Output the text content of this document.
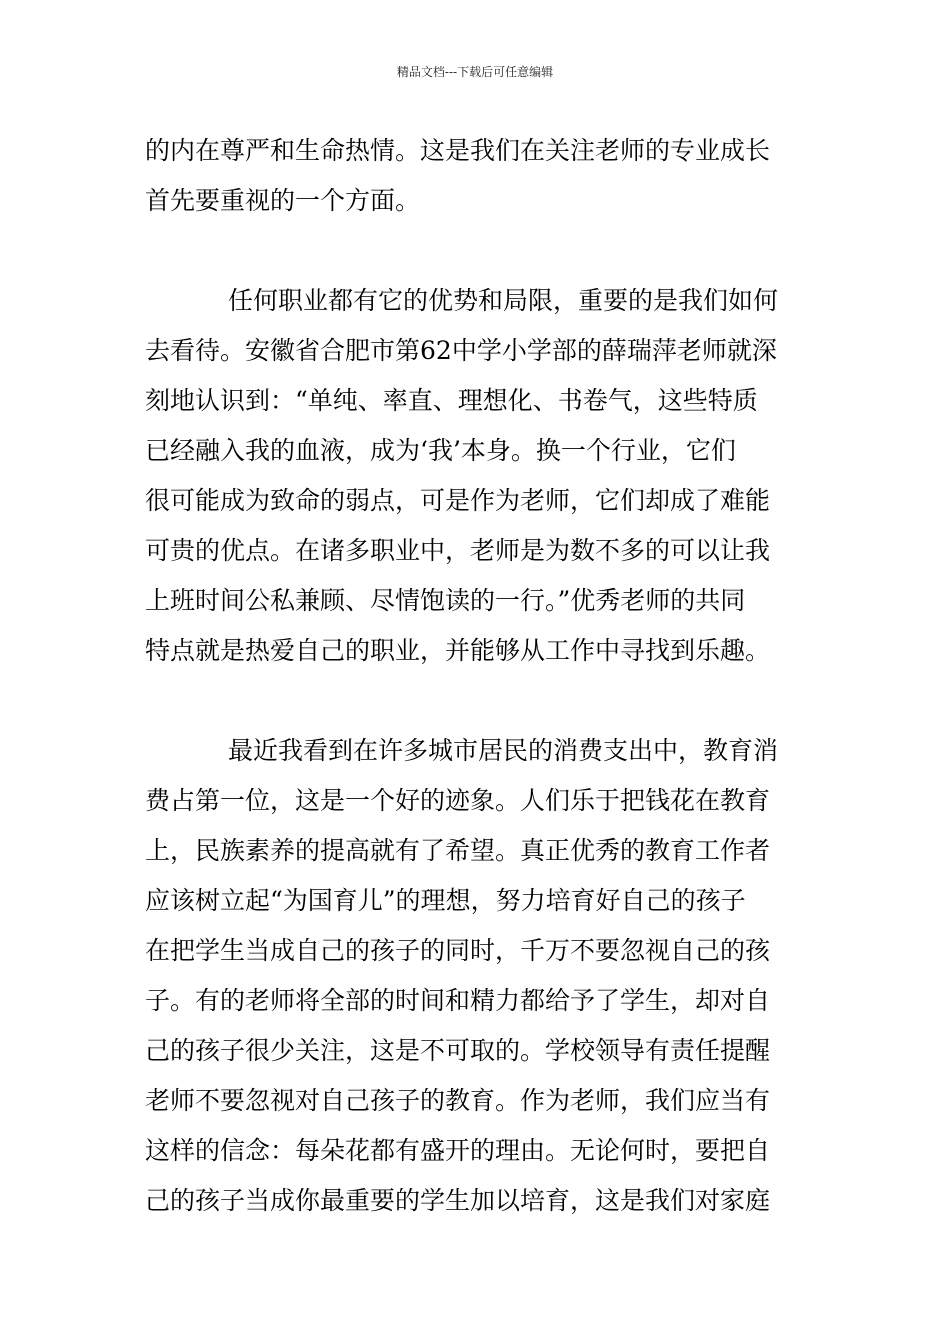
精品文档---下载后可任意编辑
的内在尊严和生命热情。这是我们在关注老师的专业成长
首先要重视的一个方面。
任何职业都有它的优势和局限，重要的是我们如何
去看待。安徽省合肥市第62中学小学部的薛瑞萍老师就深
刻地认识到：“单纯、率直、理想化、书卷气，这些特质
已经融入我的血液，成为‘我’本身。换一个行业，它们
很可能成为致命的弱点，可是作为老师，它们却成了难能
可贵的优点。在诸多职业中，老师是为数不多的可以让我
上班时间公私兼顾、尽情饱读的一行。”优秀老师的共同
特点就是热爱自己的职业，并能够从工作中寻找到乐趣。
最近我看到在许多城市居民的消费支出中，教育消
费占第一位，这是一个好的迹象。人们乐于把钱花在教育
上，民族素养的提高就有了希望。真正优秀的教育工作者
应该树立起“为国育儿”的理想，努力培育好自己的孩子
在把学生当成自己的孩子的同时，千万不要忽视自己的孩
子。有的老师将全部的时间和精力都给予了学生，却对自
己的孩子很少关注，这是不可取的。学校领导有责任提醒
老师不要忽视对自己孩子的教育。作为老师，我们应当有
这样的信念：每朵花都有盛开的理由。无论何时，要把自
己的孩子当成你最重要的学生加以培育，这是我们对家庭
